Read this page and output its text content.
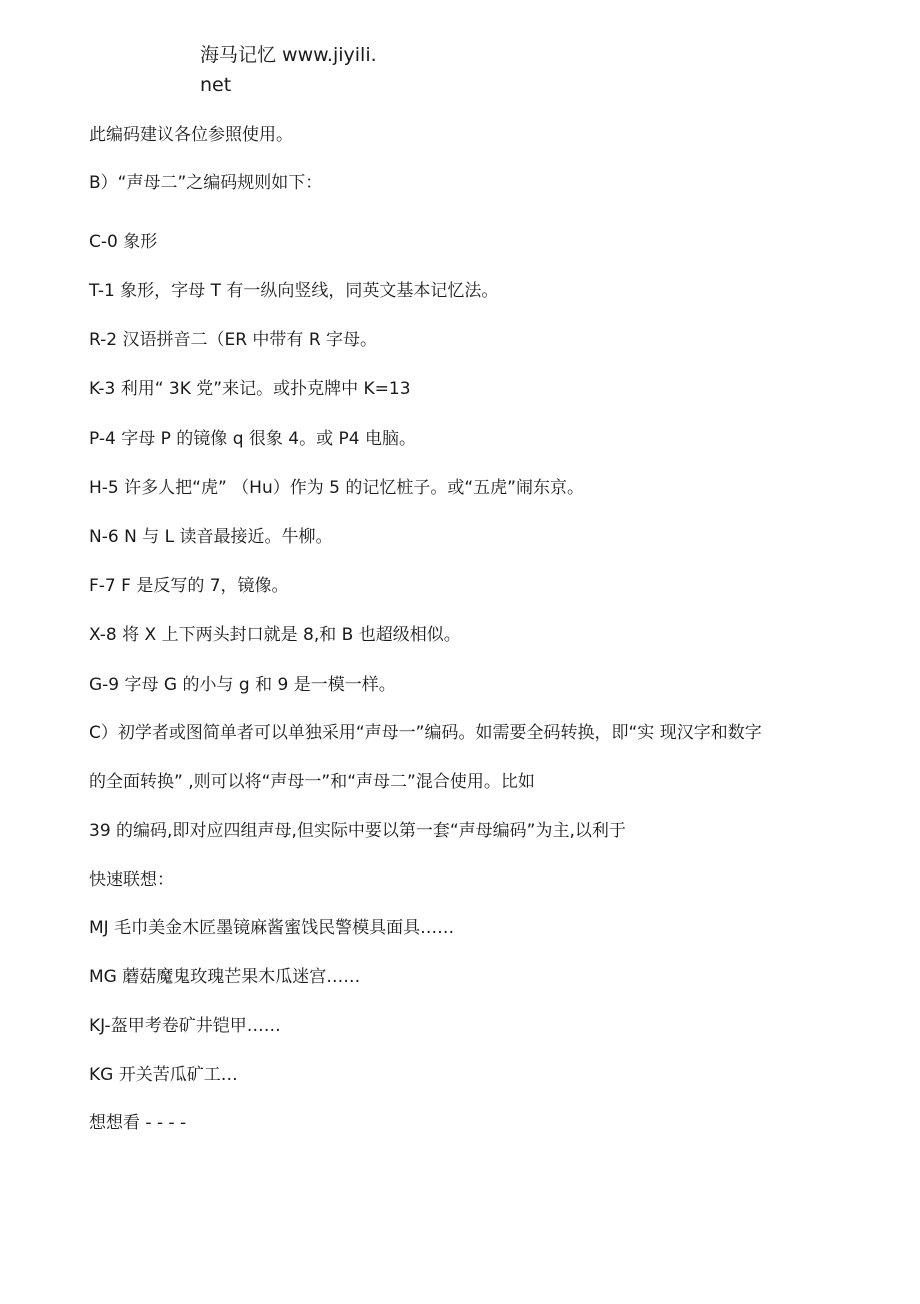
海马记忆 www.jiyili.
net
此编码建议各位参照使用。
B）“声母二”之编码规则如下：
C-0 象形
T-1 象形，字母 T 有一纵向竖线，同英文基本记忆法。
R-2 汉语拼音二（ER 中带有 R 字母。
K-3 利用“ 3K 党”来记。或扑克牌中 K=13
P-4 字母 P 的镜像 q 很象 4。或 P4 电脑。
H-5 许多人把“虎” （Hu）作为 5 的记忆桩子。或“五虎”闹东京。
N-6 N 与 L 读音最接近。牛柳。
F-7 F 是反写的 7，镜像。
X-8 将 X 上下两头封口就是 8,和 B 也超级相似。
G-9 字母 G 的小与 g 和 9 是一模一样。
C）初学者或图简单者可以单独采用“声母一”编码。如需要全码转换，即“实 现汉字和数字
的全面转换” ,则可以将“声母一”和“声母二”混合使用。比如
39 的编码,即对应四组声母,但实际中要以第一套“声母编码”为主,以利于
快速联想：
MJ 毛巾美金木匠墨镜麻酱蜜饯民警模具面具……
MG 蘑菇魔鬼玫瑰芒果木瓜迷宫……
KJ-盔甲考卷矿井铠甲……
KG 开关苦瓜矿工…
想想看 - - - -
